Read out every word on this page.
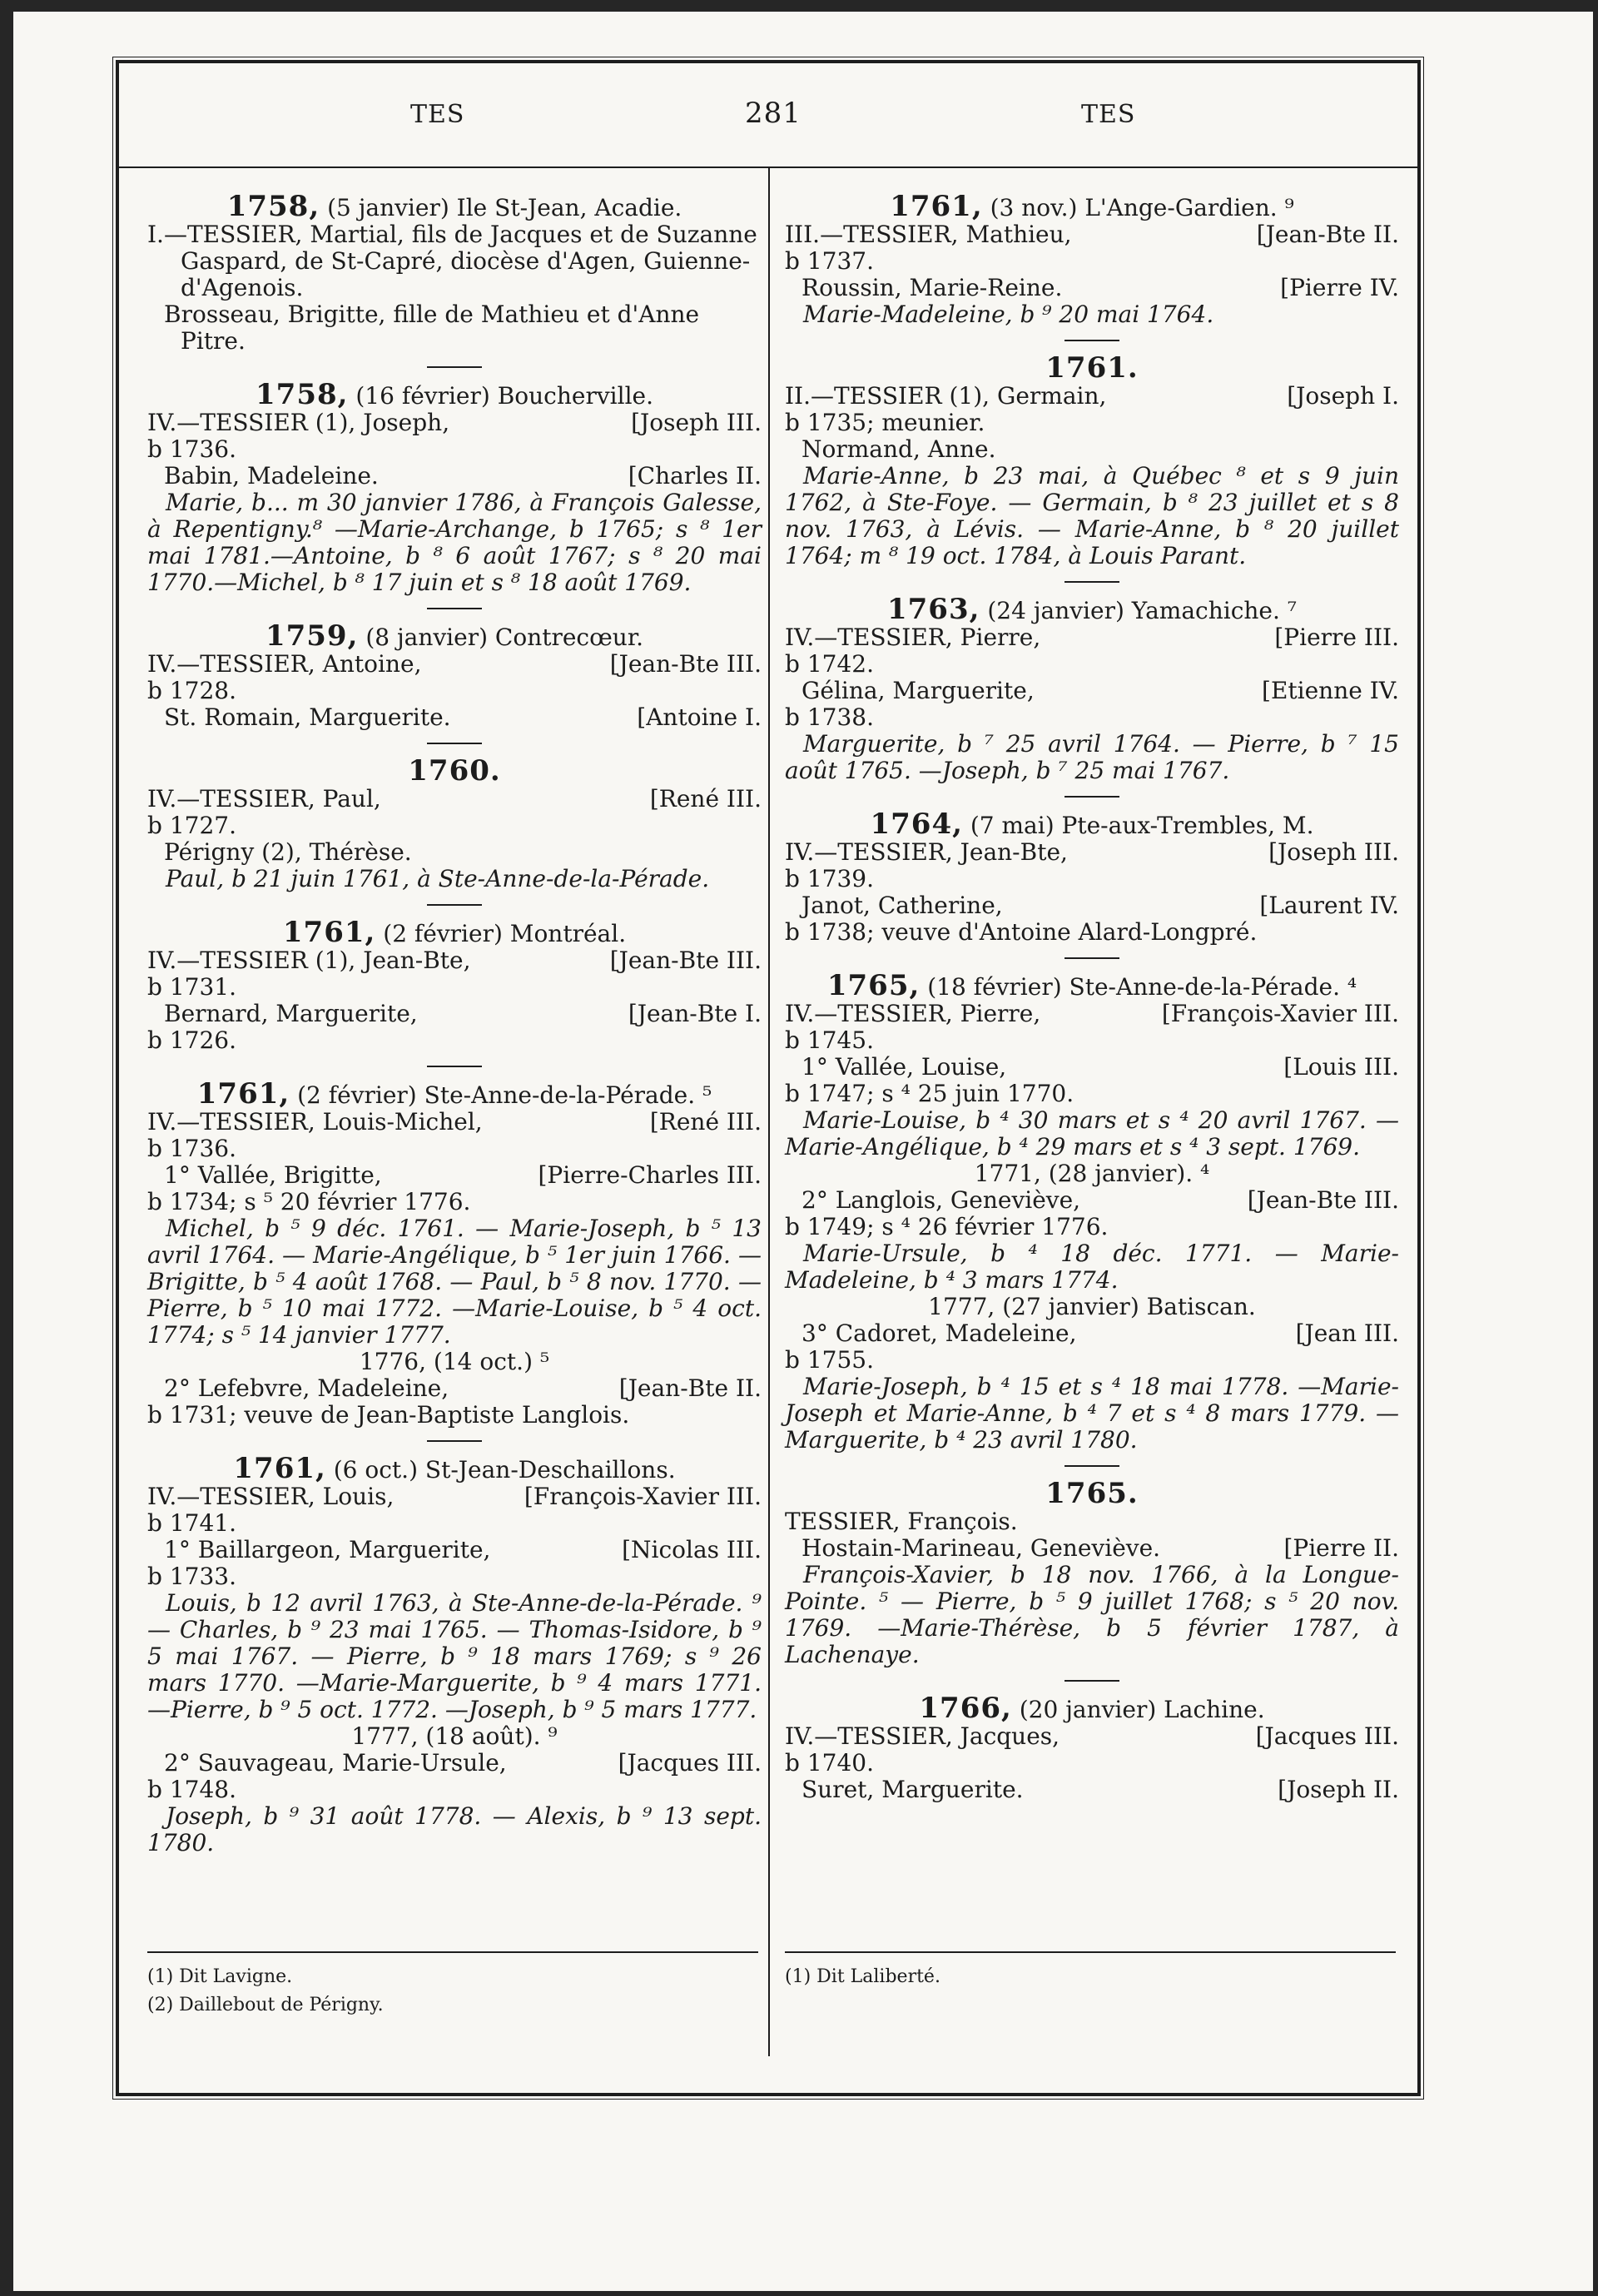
TES	281	TES
1758, (5 janvier) Ile St-Jean, Acadie.
I.—TESSIER, Martial, fils de Jacques et de Suzanne Gaspard, de St-Capré, diocèse d'Agen, Guienne-d'Agenois.
Brosseau, Brigitte, fille de Mathieu et d'Anne Pitre.
1758, (16 février) Boucherville.
[Joseph III.
IV.—TESSIER (1), Joseph,
b 1736.
[Charles II.
Babin, Madeleine.
Marie, b... m 30 janvier 1786, à François Galesse, à Repentigny.⁸ —Marie-Archange, b 1765; s ⁸ 1er mai 1781.—Antoine, b ⁸ 6 août 1767; s ⁸ 20 mai 1770.—Michel, b ⁸ 17 juin et s ⁸ 18 août 1769.
1759, (8 janvier) Contrecœur.
[Jean-Bte III.
IV.—TESSIER, Antoine,
b 1728.
[Antoine I.
St. Romain, Marguerite.
1760.
[René III.
IV.—TESSIER, Paul,
b 1727.
Périgny (2), Thérèse.
Paul, b 21 juin 1761, à Ste-Anne-de-la-Pérade.
1761, (2 février) Montréal.
[Jean-Bte III.
IV.—TESSIER (1), Jean-Bte,
b 1731.
[Jean-Bte I.
Bernard, Marguerite,
b 1726.
1761, (2 février) Ste-Anne-de-la-Pérade. ⁵
[René III.
IV.—TESSIER, Louis-Michel,
b 1736.
[Pierre-Charles III.
1° Vallée, Brigitte,
b 1734; s ⁵ 20 février 1776.
Michel, b ⁵ 9 déc. 1761. — Marie-Joseph, b ⁵ 13 avril 1764. — Marie-Angélique, b ⁵ 1er juin 1766. —Brigitte, b ⁵ 4 août 1768. — Paul, b ⁵ 8 nov. 1770. — Pierre, b ⁵ 10 mai 1772. —Marie-Louise, b ⁵ 4 oct. 1774; s ⁵ 14 janvier 1777.
1776, (14 oct.) ⁵
[Jean-Bte II.
2° Lefebvre, Madeleine,
b 1731; veuve de Jean-Baptiste Langlois.
1761, (6 oct.) St-Jean-Deschaillons.
[François-Xavier III.
IV.—TESSIER, Louis,
b 1741.
[Nicolas III.
1° Baillargeon, Marguerite,
b 1733.
Louis, b 12 avril 1763, à Ste-Anne-de-la-Pérade. ⁹ — Charles, b ⁹ 23 mai 1765. — Thomas-Isidore, b ⁹ 5 mai 1767. — Pierre, b ⁹ 18 mars 1769; s ⁹ 26 mars 1770. —Marie-Marguerite, b ⁹ 4 mars 1771. —Pierre, b ⁹ 5 oct. 1772. —Joseph, b ⁹ 5 mars 1777.
1777, (18 août). ⁹
[Jacques III.
2° Sauvageau, Marie-Ursule,
b 1748.
Joseph, b ⁹ 31 août 1778. — Alexis, b ⁹ 13 sept. 1780.
1761, (3 nov.) L'Ange-Gardien. ⁹
[Jean-Bte II.
III.—TESSIER, Mathieu,
b 1737.
[Pierre IV.
Roussin, Marie-Reine.
Marie-Madeleine, b ⁹ 20 mai 1764.
1761.
[Joseph I.
II.—TESSIER (1), Germain,
b 1735; meunier.
Normand, Anne.
Marie-Anne, b 23 mai, à Québec ⁸ et s 9 juin 1762, à Ste-Foye. — Germain, b ⁸ 23 juillet et s 8 nov. 1763, à Lévis. — Marie-Anne, b ⁸ 20 juillet 1764; m ⁸ 19 oct. 1784, à Louis Parant.
1763, (24 janvier) Yamachiche. ⁷
[Pierre III.
IV.—TESSIER, Pierre,
b 1742.
[Etienne IV.
Gélina, Marguerite,
b 1738.
Marguerite, b ⁷ 25 avril 1764. — Pierre, b ⁷ 15 août 1765. —Joseph, b ⁷ 25 mai 1767.
1764, (7 mai) Pte-aux-Trembles, M.
[Joseph III.
IV.—TESSIER, Jean-Bte,
b 1739.
[Laurent IV.
Janot, Catherine,
b 1738; veuve d'Antoine Alard-Longpré.
1765, (18 février) Ste-Anne-de-la-Pérade. ⁴
[François-Xavier III.
IV.—TESSIER, Pierre,
b 1745.
[Louis III.
1° Vallée, Louise,
b 1747; s ⁴ 25 juin 1770.
Marie-Louise, b ⁴ 30 mars et s ⁴ 20 avril 1767. —Marie-Angélique, b ⁴ 29 mars et s ⁴ 3 sept. 1769.
1771, (28 janvier). ⁴
[Jean-Bte III.
2° Langlois, Geneviève,
b 1749; s ⁴ 26 février 1776.
Marie-Ursule, b ⁴ 18 déc. 1771. — Marie-Madeleine, b ⁴ 3 mars 1774.
1777, (27 janvier) Batiscan.
[Jean III.
3° Cadoret, Madeleine,
b 1755.
Marie-Joseph, b ⁴ 15 et s ⁴ 18 mai 1778. —Marie-Joseph et Marie-Anne, b ⁴ 7 et s ⁴ 8 mars 1779. —Marguerite, b ⁴ 23 avril 1780.
1765.
TESSIER, François.
[Pierre II.
Hostain-Marineau, Geneviève.
François-Xavier, b 18 nov. 1766, à la Longue-Pointe. ⁵ — Pierre, b ⁵ 9 juillet 1768; s ⁵ 20 nov. 1769. —Marie-Thérèse, b 5 février 1787, à Lachenaye.
1766, (20 janvier) Lachine.
[Jacques III.
IV.—TESSIER, Jacques,
b 1740.
[Joseph II.
Suret, Marguerite.
(1) Dit Lavigne.
(2) Daillebout de Périgny.
(1) Dit Laliberté.
